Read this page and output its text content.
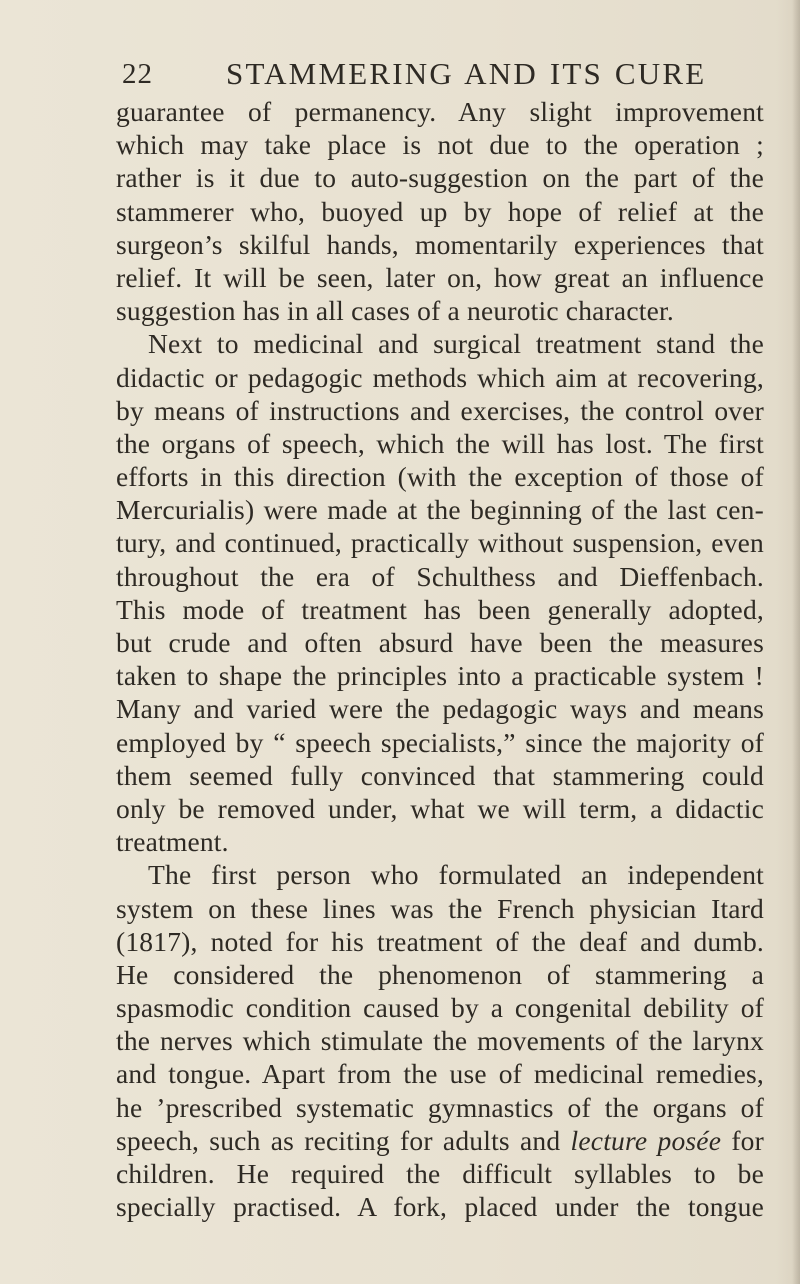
22 STAMMERING AND ITS CURE
guarantee of permanency. Any slight improvement
which may take place is not due to the operation ;
rather is it due to auto-suggestion on the part of the
stammerer who, buoyed up by hope of relief at the
surgeon’s skilful hands, momentarily experiences that
relief. It will be seen, later on, how great an influence
suggestion has in all cases of a neurotic character.
Next to medicinal and surgical treatment stand the
didactic or pedagogic methods which aim at recovering,
by means of instructions and exercises, the control over
the organs of speech, which the will has lost. The first
efforts in this direction (with the exception of those of
Mercurialis) were made at the beginning of the last cen-
tury, and continued, practically without suspension, even
throughout the era of Schulthess and Dieffenbach.
This mode of treatment has been generally adopted,
but crude and often absurd have been the measures
taken to shape the principles into a practicable system !
Many and varied were the pedagogic ways and means
employed by “ speech specialists,” since the majority of
them seemed fully convinced that stammering could
only be removed under, what we will term, a didactic
treatment.
The first person who formulated an independent
system on these lines was the French physician Itard
(1817), noted for his treatment of the deaf and dumb.
He considered the phenomenon of stammering a
spasmodic condition caused by a congenital debility of
the nerves which stimulate the movements of the larynx
and tongue. Apart from the use of medicinal remedies,
he ’prescribed systematic gymnastics of the organs of
speech, such as reciting for adults and lecture posée for
children. He required the difficult syllables to be
specially practised. A fork, placed under the tongue
